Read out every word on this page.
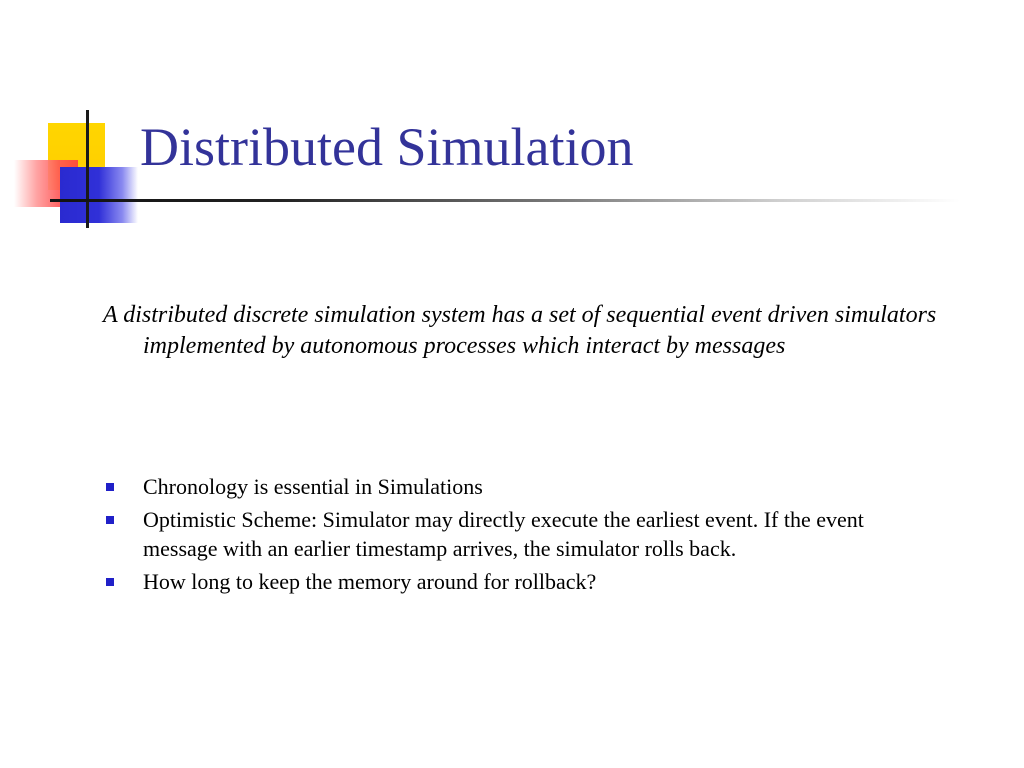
Distributed Simulation

A distributed discrete simulation system has a set of sequential event driven simulators implemented by autonomous processes which interact by messages

Chronology is essential in Simulations
Optimistic Scheme: Simulator may directly execute the earliest event. If the event message with an earlier timestamp arrives, the simulator rolls back.
How long to keep the memory around for rollback?
